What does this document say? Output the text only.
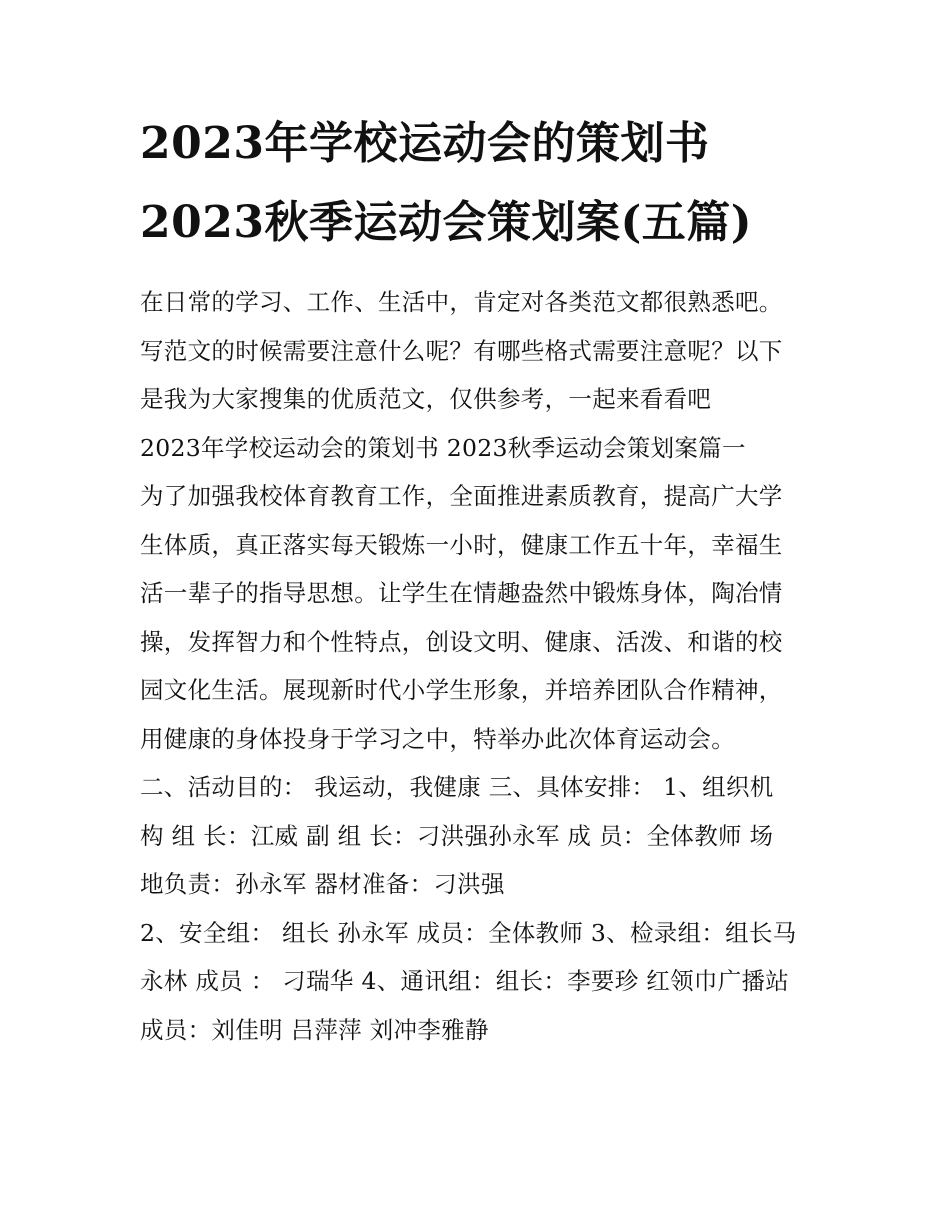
2023年学校运动会的策划书
2023秋季运动会策划案(五篇)
在日常的学习、工作、生活中，肯定对各类范文都很熟悉吧。
写范文的时候需要注意什么呢？有哪些格式需要注意呢？以下
是我为大家搜集的优质范文，仅供参考，一起来看看吧
2023年学校运动会的策划书 2023秋季运动会策划案篇一
为了加强我校体育教育工作，全面推进素质教育，提高广大学
生体质，真正落实每天锻炼一小时，健康工作五十年，幸福生
活一辈子的指导思想。让学生在情趣盎然中锻炼身体，陶冶情
操，发挥智力和个性特点，创设文明、健康、活泼、和谐的校
园文化生活。展现新时代小学生形象，并培养团队合作精神，
用健康的身体投身于学习之中，特举办此次体育运动会。
二、活动目的： 我运动，我健康 三、具体安排： 1、组织机
构 组 长：江威 副 组 长：刁洪强孙永军 成 员：全体教师 场
地负责：孙永军 器材准备：刁洪强
2、安全组： 组长 孙永军 成员：全体教师 3、检录组：组长马
永林 成员 ： 刁瑞华 4、通讯组：组长：李要珍 红领巾广播站
成员：刘佳明 吕萍萍 刘冲李雅静
